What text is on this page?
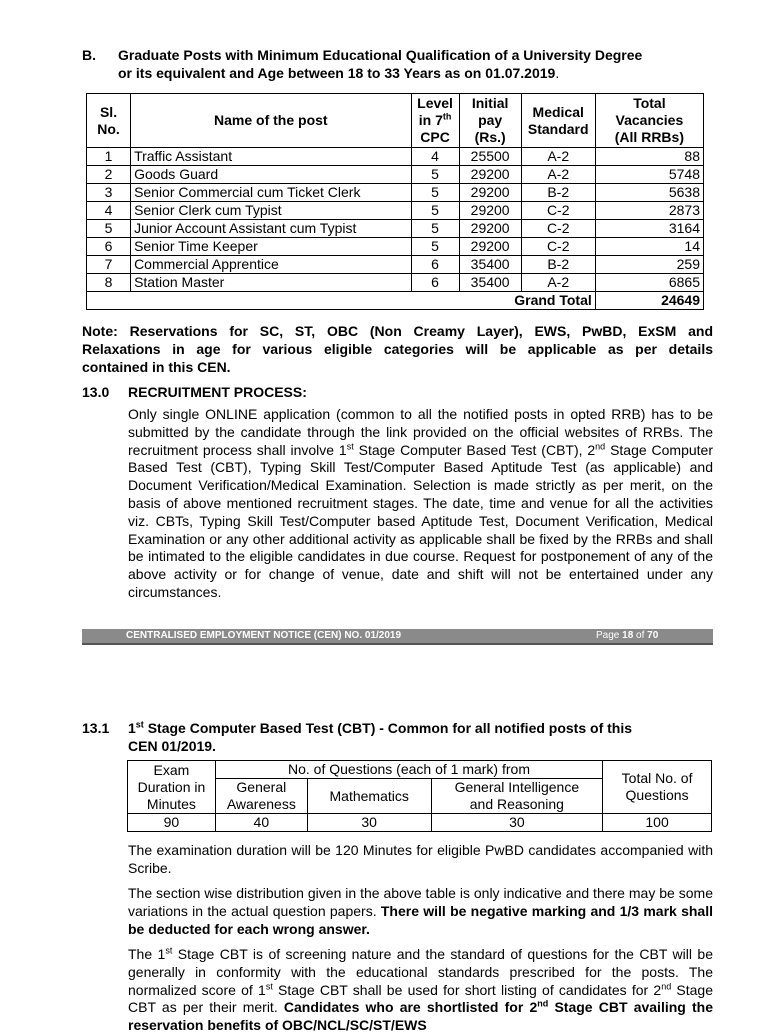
B. Graduate Posts with Minimum Educational Qualification of a University Degree
or its equivalent and Age between 18 to 33 Years as on 01.07.2019.
Sl.
No.	Name of the post	Level
in 7th
CPC	Initial
pay
(Rs.)	Medical
Standard	Total
Vacancies
(All RRBs)
1	Traffic Assistant	4	25500	A-2	88
2	Goods Guard	5	29200	A-2	5748
3	Senior Commercial cum Ticket Clerk	5	29200	B-2	5638
4	Senior Clerk cum Typist	5	29200	C-2	2873
5	Junior Account Assistant cum Typist	5	29200	C-2	3164
6	Senior Time Keeper	5	29200	C-2	14
7	Commercial Apprentice	6	35400	B-2	259
8	Station Master	6	35400	A-2	6865
Grand Total					24649
Note: Reservations for SC, ST, OBC (Non Creamy Layer), EWS, PwBD, ExSM and
Relaxations in age for various eligible categories will be applicable as per details
contained in this CEN.
13.0 RECRUITMENT PROCESS:
Only single ONLINE application (common to all the notified posts in opted RRB) has to be submitted by the candidate through the link provided on the official websites of RRBs. The recruitment process shall involve 1st Stage Computer Based Test (CBT), 2nd Stage Computer Based Test (CBT), Typing Skill Test/Computer Based Aptitude Test (as applicable) and Document Verification/Medical Examination. Selection is made strictly as per merit, on the basis of above mentioned recruitment stages. The date, time and venue for all the activities viz. CBTs, Typing Skill Test/Computer based Aptitude Test, Document Verification, Medical Examination or any other additional activity as applicable shall be fixed by the RRBs and shall be intimated to the eligible candidates in due course. Request for postponement of any of the above activity or for change of venue, date and shift will not be entertained under any circumstances.
CENTRALISED EMPLOYMENT NOTICE (CEN) NO. 01/2019	Page 18 of 70
13.1 1st Stage Computer Based Test (CBT) - Common for all notified posts of this
CEN 01/2019.
Exam
Duration in
Minutes	No. of Questions (each of 1 mark) from			Total No. of
Questions
	General
Awareness	Mathematics	General Intelligence
and Reasoning	
90	40	30	30	100
The examination duration will be 120 Minutes for eligible PwBD candidates accompanied with Scribe.
The section wise distribution given in the above table is only indicative and there may be some variations in the actual question papers. There will be negative marking and 1/3 mark shall be deducted for each wrong answer.
The 1st Stage CBT is of screening nature and the standard of questions for the CBT will be generally in conformity with the educational standards prescribed for the posts. The normalized score of 1st Stage CBT shall be used for short listing of candidates for 2nd Stage CBT as per their merit. Candidates who are shortlisted for 2nd Stage CBT availing the reservation benefits of OBC/NCL/SC/ST/EWS
